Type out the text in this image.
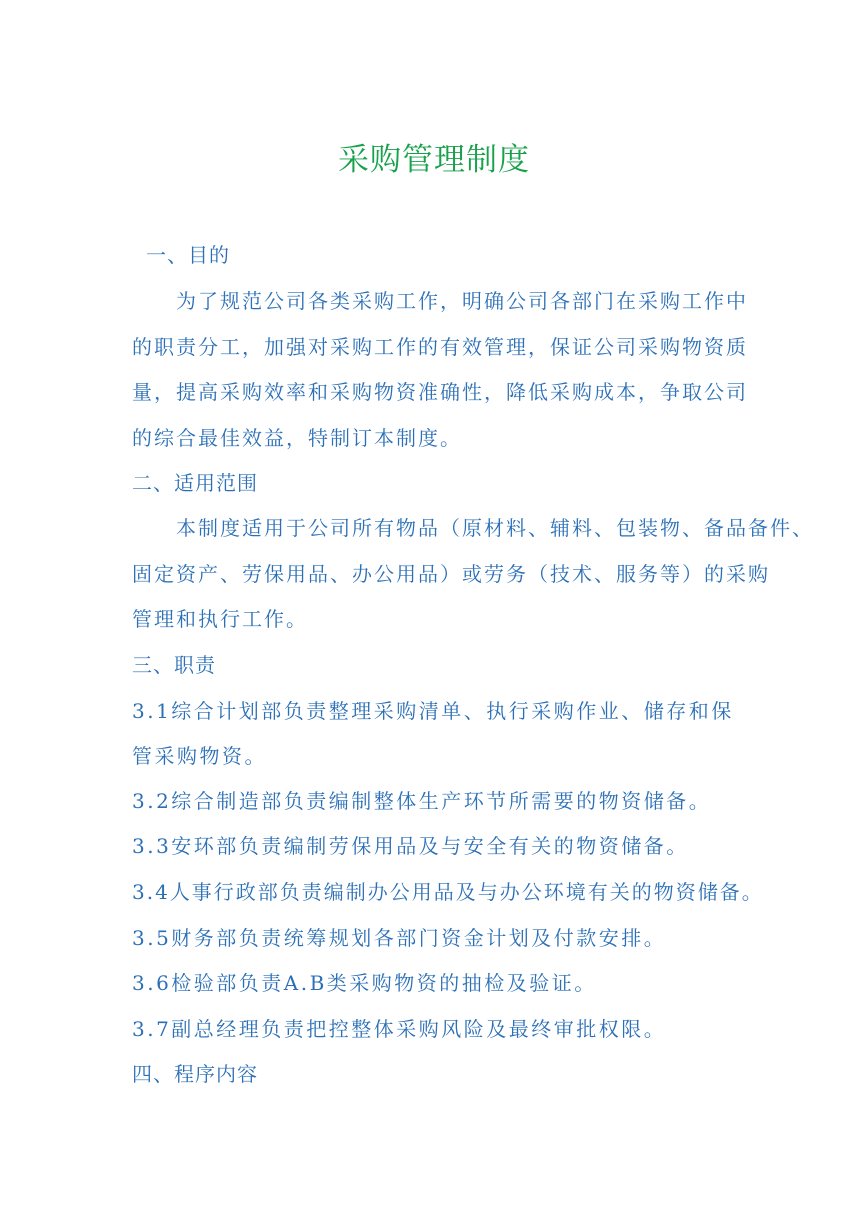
采购管理制度
一、目的
为了规范公司各类采购工作，明确公司各部门在采购工作中
的职责分工，加强对采购工作的有效管理，保证公司采购物资质
量，提高采购效率和采购物资准确性，降低采购成本，争取公司
的综合最佳效益，特制订本制度。
二、适用范围
本制度适用于公司所有物品（原材料、辅料、包装物、备品备件、
固定资产、劳保用品、办公用品）或劳务（技术、服务等）的采购
管理和执行工作。
三、职责
3.1综合计划部负责整理采购清单、执行采购作业、储存和保
管采购物资。
3.2综合制造部负责编制整体生产环节所需要的物资储备。
3.3安环部负责编制劳保用品及与安全有关的物资储备。
3.4人事行政部负责编制办公用品及与办公环境有关的物资储备。
3.5财务部负责统筹规划各部门资金计划及付款安排。
3.6检验部负责A.B类采购物资的抽检及验证。
3.7副总经理负责把控整体采购风险及最终审批权限。
四、程序内容
